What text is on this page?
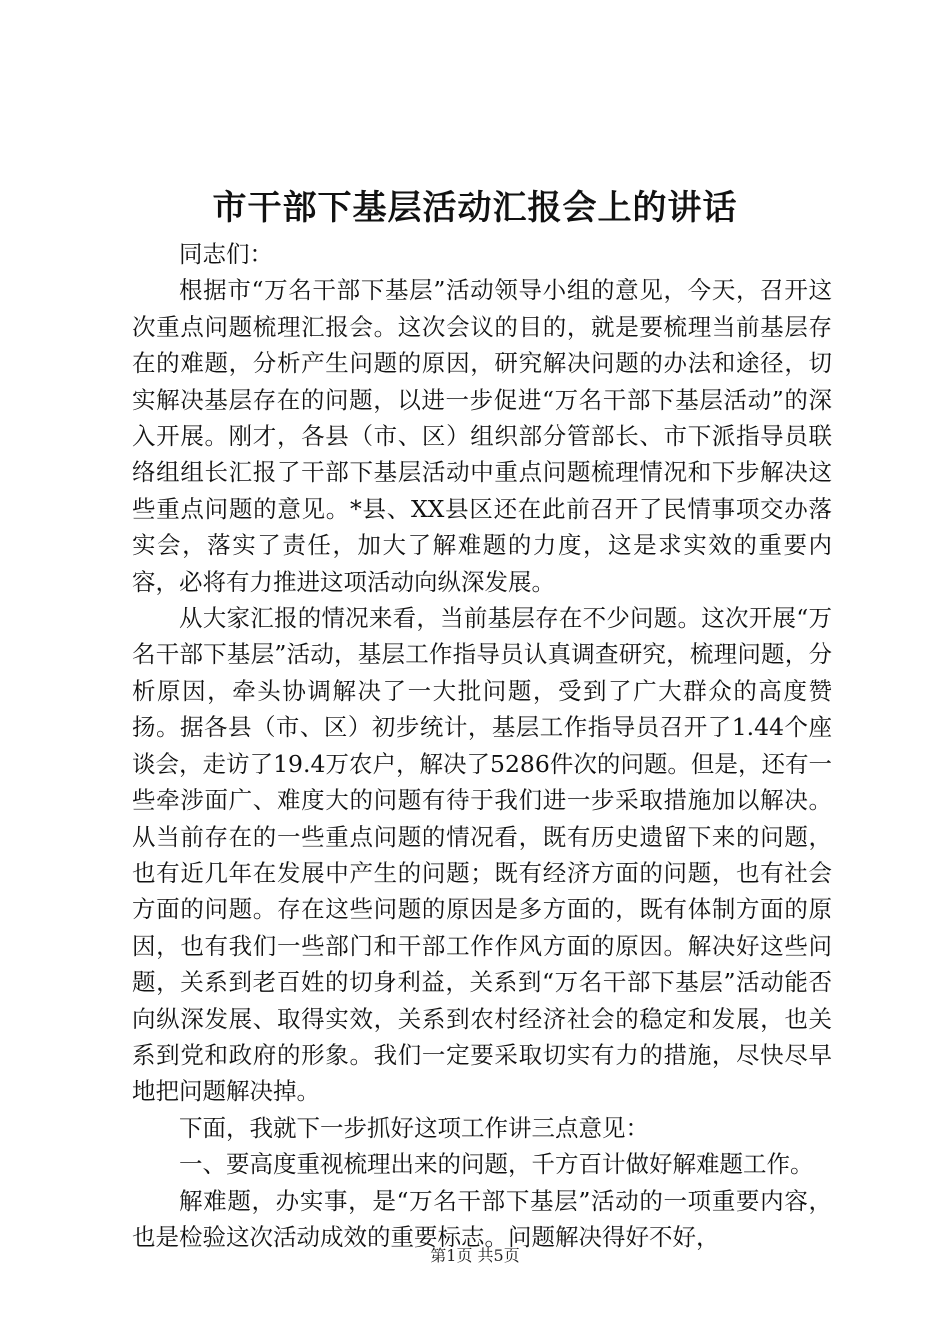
市干部下基层活动汇报会上的讲话

同志们：

根据市“万名干部下基层”活动领导小组的意见，今天，召开这次重点问题梳理汇报会。这次会议的目的，就是要梳理当前基层存在的难题，分析产生问题的原因，研究解决问题的办法和途径，切实解决基层存在的问题，以进一步促进“万名干部下基层活动”的深入开展。刚才，各县（市、区）组织部分管部长、市下派指导员联络组组长汇报了干部下基层活动中重点问题梳理情况和下步解决这些重点问题的意见。*县、XX县区还在此前召开了民情事项交办落实会，落实了责任，加大了解难题的力度，这是求实效的重要内容，必将有力推进这项活动向纵深发展。

从大家汇报的情况来看，当前基层存在不少问题。这次开展“万名干部下基层”活动，基层工作指导员认真调查研究，梳理问题，分析原因，牵头协调解决了一大批问题，受到了广大群众的高度赞扬。据各县（市、区）初步统计，基层工作指导员召开了1.44个座谈会，走访了19.4万农户，解决了5286件次的问题。但是，还有一些牵涉面广、难度大的问题有待于我们进一步采取措施加以解决。从当前存在的一些重点问题的情况看，既有历史遗留下来的问题，也有近几年在发展中产生的问题；既有经济方面的问题，也有社会方面的问题。存在这些问题的原因是多方面的，既有体制方面的原因，也有我们一些部门和干部工作作风方面的原因。解决好这些问题，关系到老百姓的切身利益，关系到“万名干部下基层”活动能否向纵深发展、取得实效，关系到农村经济社会的稳定和发展，也关系到党和政府的形象。我们一定要采取切实有力的措施，尽快尽早地把问题解决掉。

下面，我就下一步抓好这项工作讲三点意见：

一、要高度重视梳理出来的问题，千方百计做好解难题工作。

解难题，办实事，是“万名干部下基层”活动的一项重要内容，也是检验这次活动成效的重要标志。问题解决得好不好，

第1页 共5页
